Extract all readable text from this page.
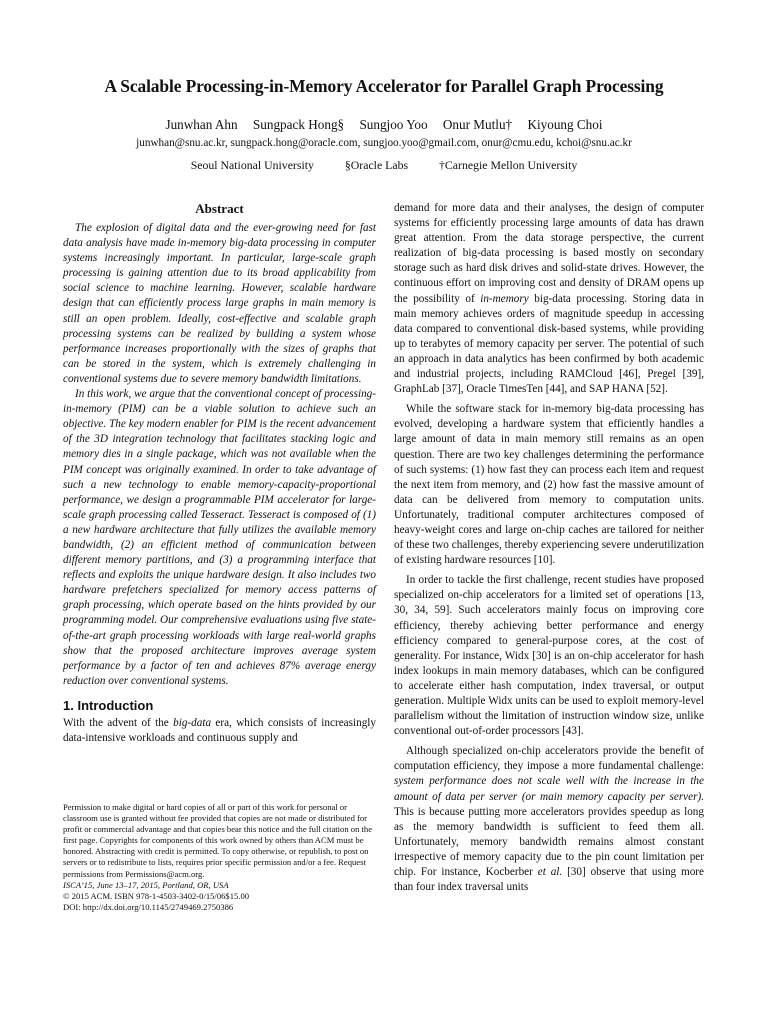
A Scalable Processing-in-Memory Accelerator for Parallel Graph Processing
Junwhan Ahn Sungpack Hong§ Sungjoo Yoo Onur Mutlu† Kiyoung Choi
junwhan@snu.ac.kr, sungpack.hong@oracle.com, sungjoo.yoo@gmail.com, onur@cmu.edu, kchoi@snu.ac.kr
Seoul National University	§Oracle Labs	†Carnegie Mellon University
Abstract

The explosion of digital data and the ever-growing need for fast data analysis have made in-memory big-data processing in computer systems increasingly important. In particular, large-scale graph processing is gaining attention due to its broad applicability from social science to machine learning. However, scalable hardware design that can efficiently process large graphs in main memory is still an open problem. Ideally, cost-effective and scalable graph processing systems can be realized by building a system whose performance increases proportionally with the sizes of graphs that can be stored in the system, which is extremely challenging in conventional systems due to severe memory bandwidth limitations.

In this work, we argue that the conventional concept of processing-in-memory (PIM) can be a viable solution to achieve such an objective. The key modern enabler for PIM is the recent advancement of the 3D integration technology that facilitates stacking logic and memory dies in a single package, which was not available when the PIM concept was originally examined. In order to take advantage of such a new technology to enable memory-capacity-proportional performance, we design a programmable PIM accelerator for large-scale graph processing called Tesseract. Tesseract is composed of (1) a new hardware architecture that fully utilizes the available memory bandwidth, (2) an efficient method of communication between different memory partitions, and (3) a programming interface that reflects and exploits the unique hardware design. It also includes two hardware prefetchers specialized for memory access patterns of graph processing, which operate based on the hints provided by our programming model. Our comprehensive evaluations using five state-of-the-art graph processing workloads with large real-world graphs show that the proposed architecture improves average system performance by a factor of ten and achieves 87% average energy reduction over conventional systems.

1. Introduction

With the advent of the big-data era, which consists of increasingly data-intensive workloads and continuous supply and

Permission to make digital or hard copies of all or part of this work for personal or classroom use is granted without fee provided that copies are not made or distributed for profit or commercial advantage and that copies bear this notice and the full citation on the first page. Copyrights for components of this work owned by others than ACM must be honored. Abstracting with credit is permitted. To copy otherwise, or republish, to post on servers or to redistribute to lists, requires prior specific permission and/or a fee. Request permissions from Permissions@acm.org.
ISCA’15, June 13–17, 2015, Portland, OR, USA
© 2015 ACM. ISBN 978-1-4503-3402-0/15/06$15.00
DOI: http://dx.doi.org/10.1145/2749469.2750386

demand for more data and their analyses, the design of computer systems for efficiently processing large amounts of data has drawn great attention. From the data storage perspective, the current realization of big-data processing is based mostly on secondary storage such as hard disk drives and solid-state drives. However, the continuous effort on improving cost and density of DRAM opens up the possibility of in-memory big-data processing. Storing data in main memory achieves orders of magnitude speedup in accessing data compared to conventional disk-based systems, while providing up to terabytes of memory capacity per server. The potential of such an approach in data analytics has been confirmed by both academic and industrial projects, including RAMCloud [46], Pregel [39], GraphLab [37], Oracle TimesTen [44], and SAP HANA [52].

While the software stack for in-memory big-data processing has evolved, developing a hardware system that efficiently handles a large amount of data in main memory still remains as an open question. There are two key challenges determining the performance of such systems: (1) how fast they can process each item and request the next item from memory, and (2) how fast the massive amount of data can be delivered from memory to computation units. Unfortunately, traditional computer architectures composed of heavy-weight cores and large on-chip caches are tailored for neither of these two challenges, thereby experiencing severe underutilization of existing hardware resources [10].

In order to tackle the first challenge, recent studies have proposed specialized on-chip accelerators for a limited set of operations [13, 30, 34, 59]. Such accelerators mainly focus on improving core efficiency, thereby achieving better performance and energy efficiency compared to general-purpose cores, at the cost of generality. For instance, Widx [30] is an on-chip accelerator for hash index lookups in main memory databases, which can be configured to accelerate either hash computation, index traversal, or output generation. Multiple Widx units can be used to exploit memory-level parallelism without the limitation of instruction window size, unlike conventional out-of-order processors [43].

Although specialized on-chip accelerators provide the benefit of computation efficiency, they impose a more fundamental challenge: system performance does not scale well with the increase in the amount of data per server (or main memory capacity per server). This is because putting more accelerators provides speedup as long as the memory bandwidth is sufficient to feed them all. Unfortunately, memory bandwidth remains almost constant irrespective of memory capacity due to the pin count limitation per chip. For instance, Kocberber et al. [30] observe that using more than four index traversal units
